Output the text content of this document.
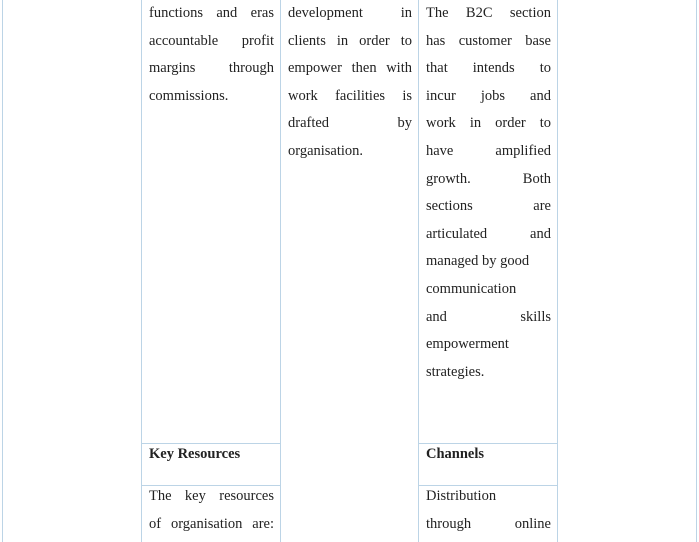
functions and eras
accountable profit
margins through
commissions.
development in
clients in order to
empower then with
work facilities is
drafted by
organisation.
The B2C section
has customer base
that intends to
incur jobs and
work in order to
have amplified
growth. Both
sections are
articulated and
managed by good
communication
and skills
empowerment
strategies.
Key Resources
The key resources
of organisation are:
Channels
Distribution
through online
